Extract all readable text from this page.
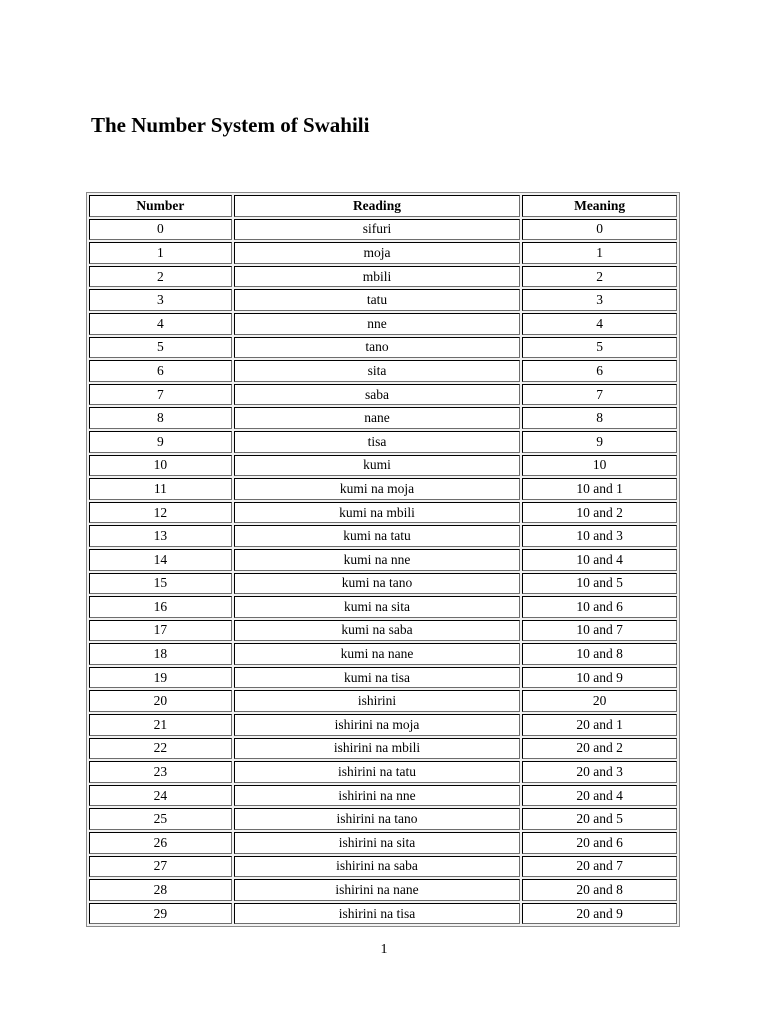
The Number System of Swahili
Number	Reading	Meaning
0	sifuri	0
1	moja	1
2	mbili	2
3	tatu	3
4	nne	4
5	tano	5
6	sita	6
7	saba	7
8	nane	8
9	tisa	9
10	kumi	10
11	kumi na moja	10 and 1
12	kumi na mbili	10 and 2
13	kumi na tatu	10 and 3
14	kumi na nne	10 and 4
15	kumi na tano	10 and 5
16	kumi na sita	10 and 6
17	kumi na saba	10 and 7
18	kumi na nane	10 and 8
19	kumi na tisa	10 and 9
20	ishirini	20
21	ishirini na moja	20 and 1
22	ishirini na mbili	20 and 2
23	ishirini na tatu	20 and 3
24	ishirini na nne	20 and 4
25	ishirini na tano	20 and 5
26	ishirini na sita	20 and 6
27	ishirini na saba	20 and 7
28	ishirini na nane	20 and 8
29	ishirini na tisa	20 and 9
1
